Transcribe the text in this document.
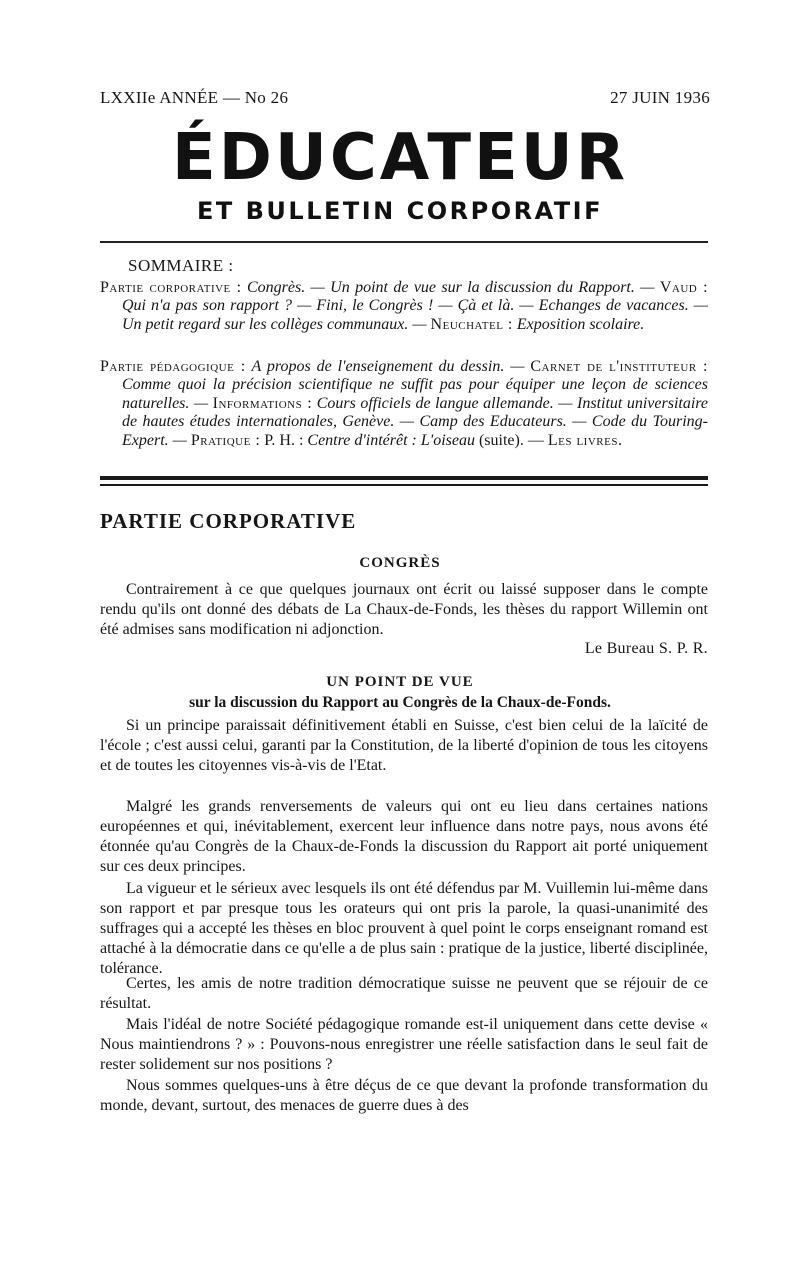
LXXIIe ANNÉE — No 26	27 JUIN 1936
ÉDUCATEUR
ET BULLETIN CORPORATIF
SOMMAIRE :
Partie corporative : Congrès. — Un point de vue sur la discussion du Rapport. — Vaud : Qui n'a pas son rapport ? — Fini, le Congrès ! — Çà et là. — Echanges de vacances. — Un petit regard sur les collèges communaux. — Neuchatel : Exposition scolaire.
Partie pédagogique : A propos de l'enseignement du dessin. — Carnet de l'instituteur : Comme quoi la précision scientifique ne suffit pas pour équiper une leçon de sciences naturelles. — Informations : Cours officiels de langue allemande. — Institut universitaire de hautes études internationales, Genève. — Camp des Educateurs. — Code du Touring-Expert. — Pratique : P. H. : Centre d'intérêt : L'oiseau (suite). — Les livres.
PARTIE CORPORATIVE
CONGRÈS

Contrairement à ce que quelques journaux ont écrit ou laissé supposer dans le compte rendu qu'ils ont donné des débats de La Chaux-de-Fonds, les thèses du rapport Willemin ont été admises sans modification ni adjonction.

Le Bureau S. P. R.
UN POINT DE VUE
sur la discussion du Rapport au Congrès de la Chaux-de-Fonds.

Si un principe paraissait définitivement établi en Suisse, c'est bien celui de la laïcité de l'école ; c'est aussi celui, garanti par la Constitution, de la liberté d'opinion de tous les citoyens et de toutes les citoyennes vis-à-vis de l'Etat.

Malgré les grands renversements de valeurs qui ont eu lieu dans certaines nations européennes et qui, inévitablement, exercent leur influence dans notre pays, nous avons été étonnée qu'au Congrès de la Chaux-de-Fonds la discussion du Rapport ait porté uniquement sur ces deux principes.

La vigueur et le sérieux avec lesquels ils ont été défendus par M. Vuillemin lui-même dans son rapport et par presque tous les orateurs qui ont pris la parole, la quasi-unanimité des suffrages qui a accepté les thèses en bloc prouvent à quel point le corps enseignant romand est attaché à la démocratie dans ce qu'elle a de plus sain : pratique de la justice, liberté disciplinée, tolérance.

Certes, les amis de notre tradition démocratique suisse ne peuvent que se réjouir de ce résultat.

Mais l'idéal de notre Société pédagogique romande est-il uniquement dans cette devise « Nous maintiendrons ? » : Pouvons-nous enregistrer une réelle satisfaction dans le seul fait de rester solidement sur nos positions ?

Nous sommes quelques-uns à être déçus de ce que devant la profonde transformation du monde, devant, surtout, des menaces de guerre dues à des
